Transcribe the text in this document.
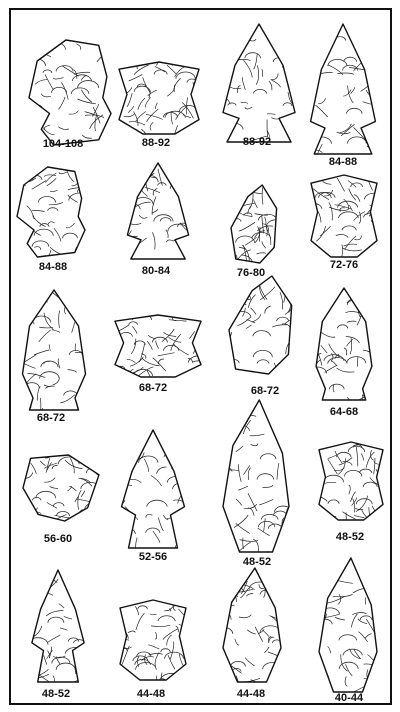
104-108	88-92	88-92
84-88
84-88	80-84	76-80
72-76
68-72
68-72	68-72
64-68
56-60
52-56	48-52
48-52
48-52	44-48	44-48	40-44
